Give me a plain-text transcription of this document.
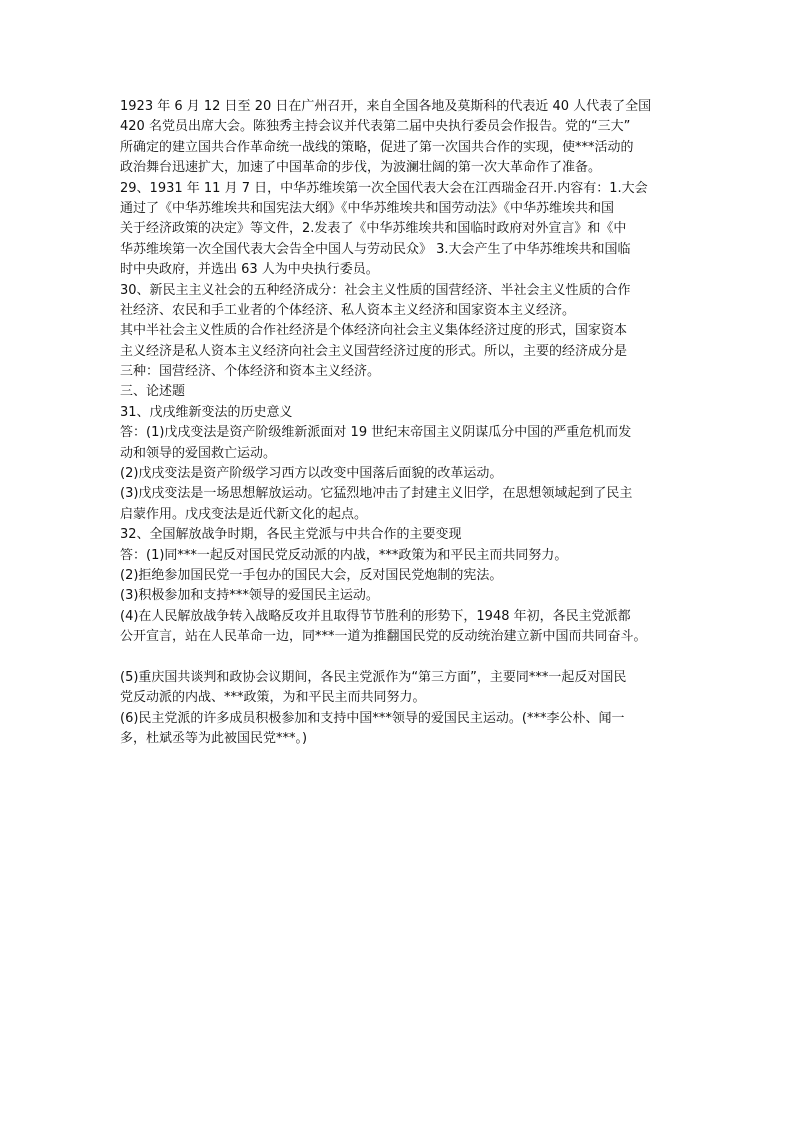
1923 年 6 月 12 日至 20 日在广州召开，来自全国各地及莫斯科的代表近 40 人代表了全国
420 名党员出席大会。陈独秀主持会议并代表第二届中央执行委员会作报告。党的“三大”
所确定的建立国共合作革命统一战线的策略，促进了第一次国共合作的实现，使***活动的
政治舞台迅速扩大，加速了中国革命的步伐，为波澜壮阔的第一次大革命作了准备。
29、1931 年 11 月 7 日，中华苏维埃第一次全国代表大会在江西瑞金召开.内容有：1.大会
通过了《中华苏维埃共和国宪法大纲》《中华苏维埃共和国劳动法》《中华苏维埃共和国
关于经济政策的决定》等文件，2.发表了《中华苏维埃共和国临时政府对外宣言》和《中
华苏维埃第一次全国代表大会告全中国人与劳动民众》 3.大会产生了中华苏维埃共和国临
时中央政府，并选出 63 人为中央执行委员。
30、新民主主义社会的五种经济成分：社会主义性质的国营经济、半社会主义性质的合作
社经济、农民和手工业者的个体经济、私人资本主义经济和国家资本主义经济。
其中半社会主义性质的合作社经济是个体经济向社会主义集体经济过度的形式，国家资本
主义经济是私人资本主义经济向社会主义国营经济过度的形式。所以，主要的经济成分是
三种：国营经济、个体经济和资本主义经济。
三、论述题
31、戊戌维新变法的历史意义
答：(1)戊戌变法是资产阶级维新派面对 19 世纪末帝国主义阴谋瓜分中国的严重危机而发
动和领导的爱国救亡运动。
(2)戊戌变法是资产阶级学习西方以改变中国落后面貌的改革运动。
(3)戊戌变法是一场思想解放运动。它猛烈地冲击了封建主义旧学，在思想领域起到了民主
启蒙作用。戊戌变法是近代新文化的起点。
32、全国解放战争时期，各民主党派与中共合作的主要变现
答：(1)同***一起反对国民党反动派的内战，***政策为和平民主而共同努力。
(2)拒绝参加国民党一手包办的国民大会，反对国民党炮制的宪法。
(3)积极参加和支持***领导的爱国民主运动。
(4)在人民解放战争转入战略反攻并且取得节节胜利的形势下，1948 年初，各民主党派都
公开宣言，站在人民革命一边，同***一道为推翻国民党的反动统治建立新中国而共同奋斗。
(5)重庆国共谈判和政协会议期间，各民主党派作为“第三方面”，主要同***一起反对国民
党反动派的内战、***政策，为和平民主而共同努力。
(6)民主党派的许多成员积极参加和支持中国***领导的爱国民主运动。(***李公朴、闻一
多，杜斌丞等为此被国民党***。)
